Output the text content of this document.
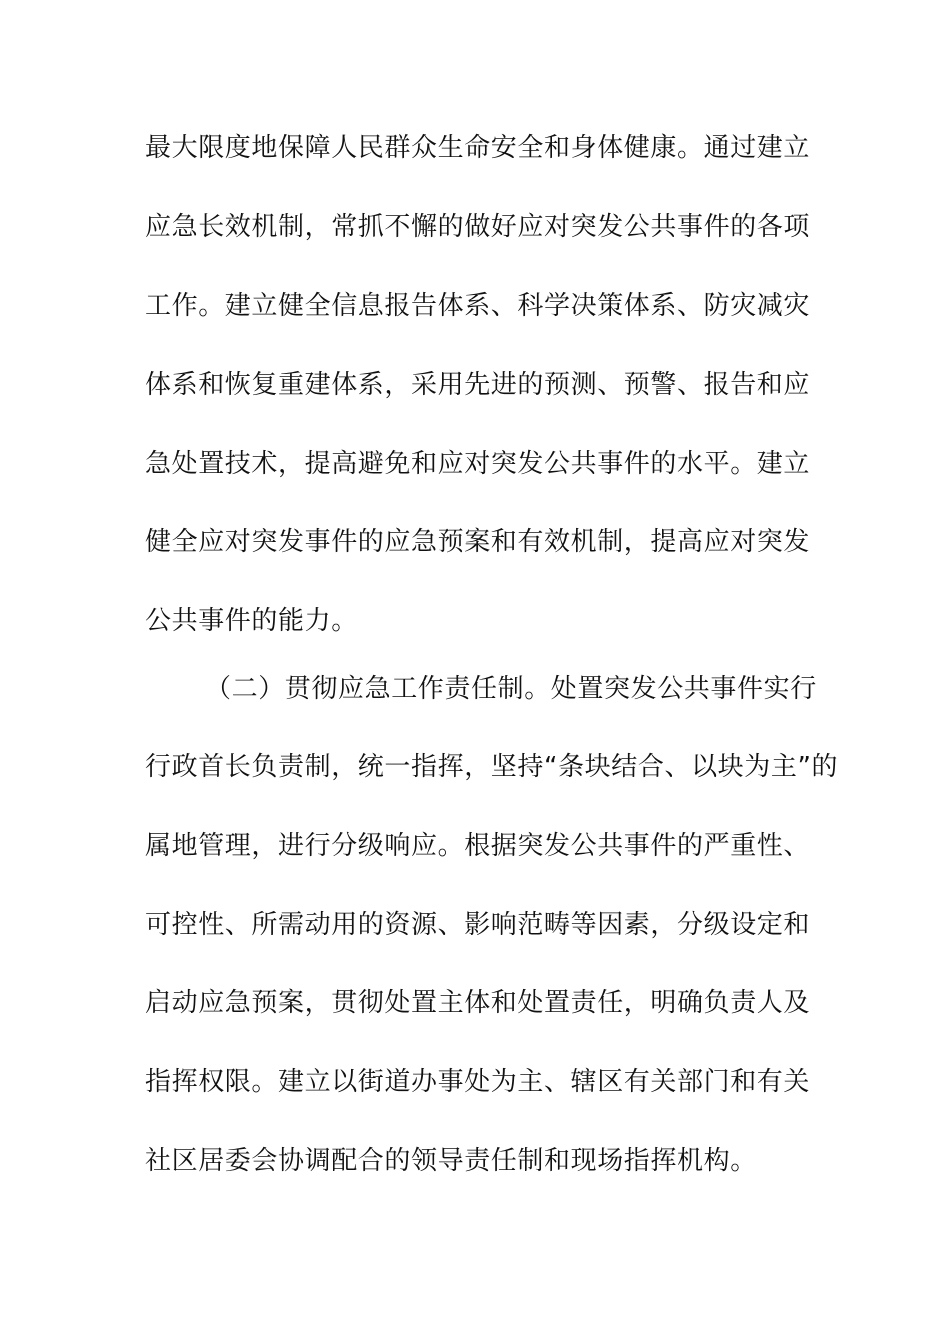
最大限度地保障人民群众生命安全和身体健康。通过建立
应急长效机制，常抓不懈的做好应对突发公共事件的各项
工作。建立健全信息报告体系、科学决策体系、防灾减灾
体系和恢复重建体系，采用先进的预测、预警、报告和应
急处置技术，提高避免和应对突发公共事件的水平。建立
健全应对突发事件的应急预案和有效机制，提高应对突发
公共事件的能力。
（二）贯彻应急工作责任制。处置突发公共事件实行
行政首长负责制，统一指挥，坚持“条块结合、以块为主”的
属地管理，进行分级响应。根据突发公共事件的严重性、
可控性、所需动用的资源、影响范畴等因素，分级设定和
启动应急预案，贯彻处置主体和处置责任，明确负责人及
指挥权限。建立以街道办事处为主、辖区有关部门和有关
社区居委会协调配合的领导责任制和现场指挥机构。
